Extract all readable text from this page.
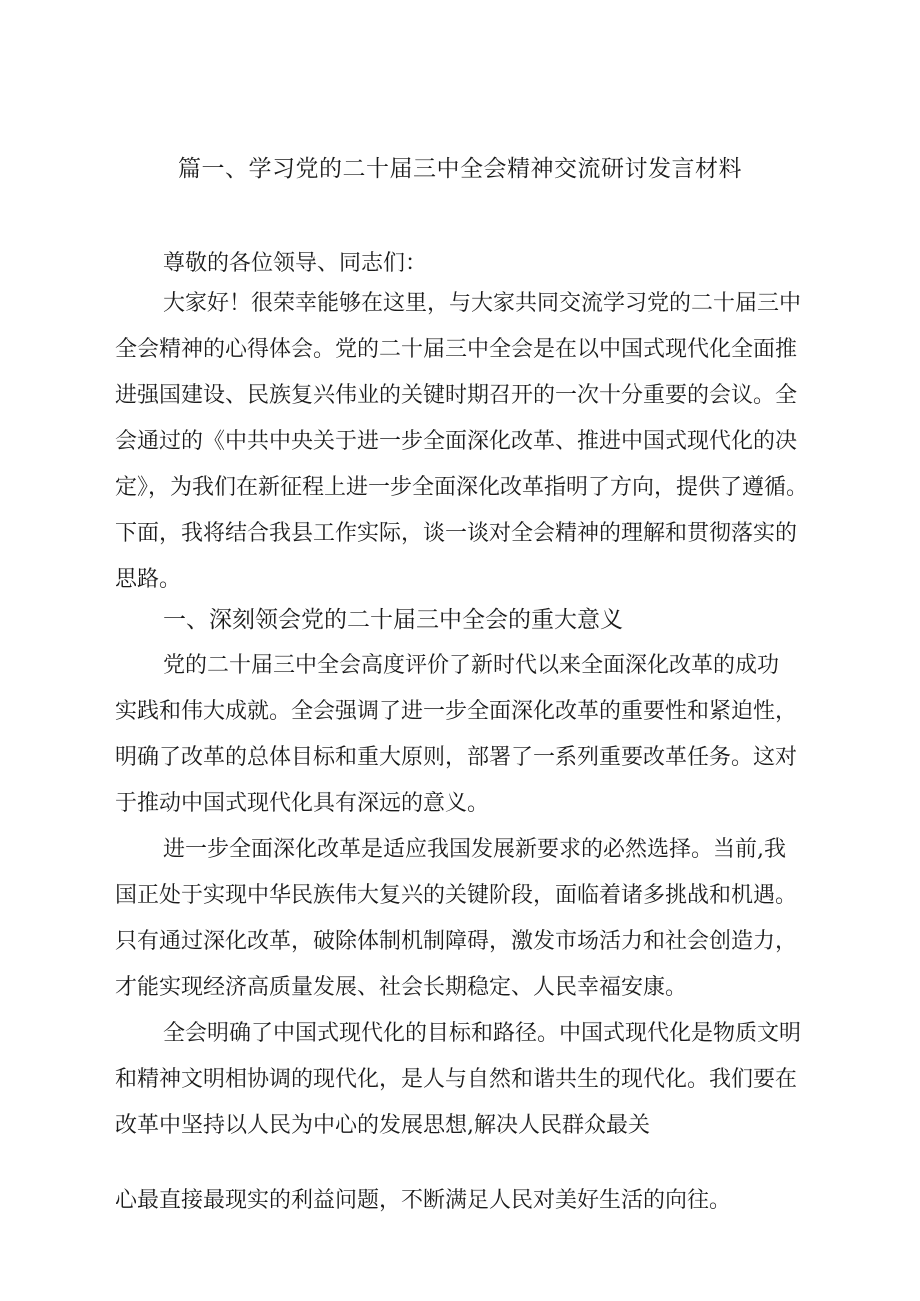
篇一、学习党的二十届三中全会精神交流研讨发言材料
尊敬的各位领导、同志们：
大家好！很荣幸能够在这里，与大家共同交流学习党的二十届三中
全会精神的心得体会。党的二十届三中全会是在以中国式现代化全面推
进强国建设、民族复兴伟业的关键时期召开的一次十分重要的会议。全
会通过的《中共中央关于进一步全面深化改革、推进中国式现代化的决
定》，为我们在新征程上进一步全面深化改革指明了方向，提供了遵循。
下面，我将结合我县工作实际，谈一谈对全会精神的理解和贯彻落实的
思路。
一、深刻领会党的二十届三中全会的重大意义
党的二十届三中全会高度评价了新时代以来全面深化改革的成功
实践和伟大成就。全会强调了进一步全面深化改革的重要性和紧迫性，
明确了改革的总体目标和重大原则，部署了一系列重要改革任务。这对
于推动中国式现代化具有深远的意义。
进一步全面深化改革是适应我国发展新要求的必然选择。当前,我
国正处于实现中华民族伟大复兴的关键阶段，面临着诸多挑战和机遇。
只有通过深化改革，破除体制机制障碍，激发市场活力和社会创造力，
才能实现经济高质量发展、社会长期稳定、人民幸福安康。
全会明确了中国式现代化的目标和路径。中国式现代化是物质文明
和精神文明相协调的现代化，是人与自然和谐共生的现代化。我们要在
改革中坚持以人民为中心的发展思想,解决人民群众最关
心最直接最现实的利益问题，不断满足人民对美好生活的向往。
